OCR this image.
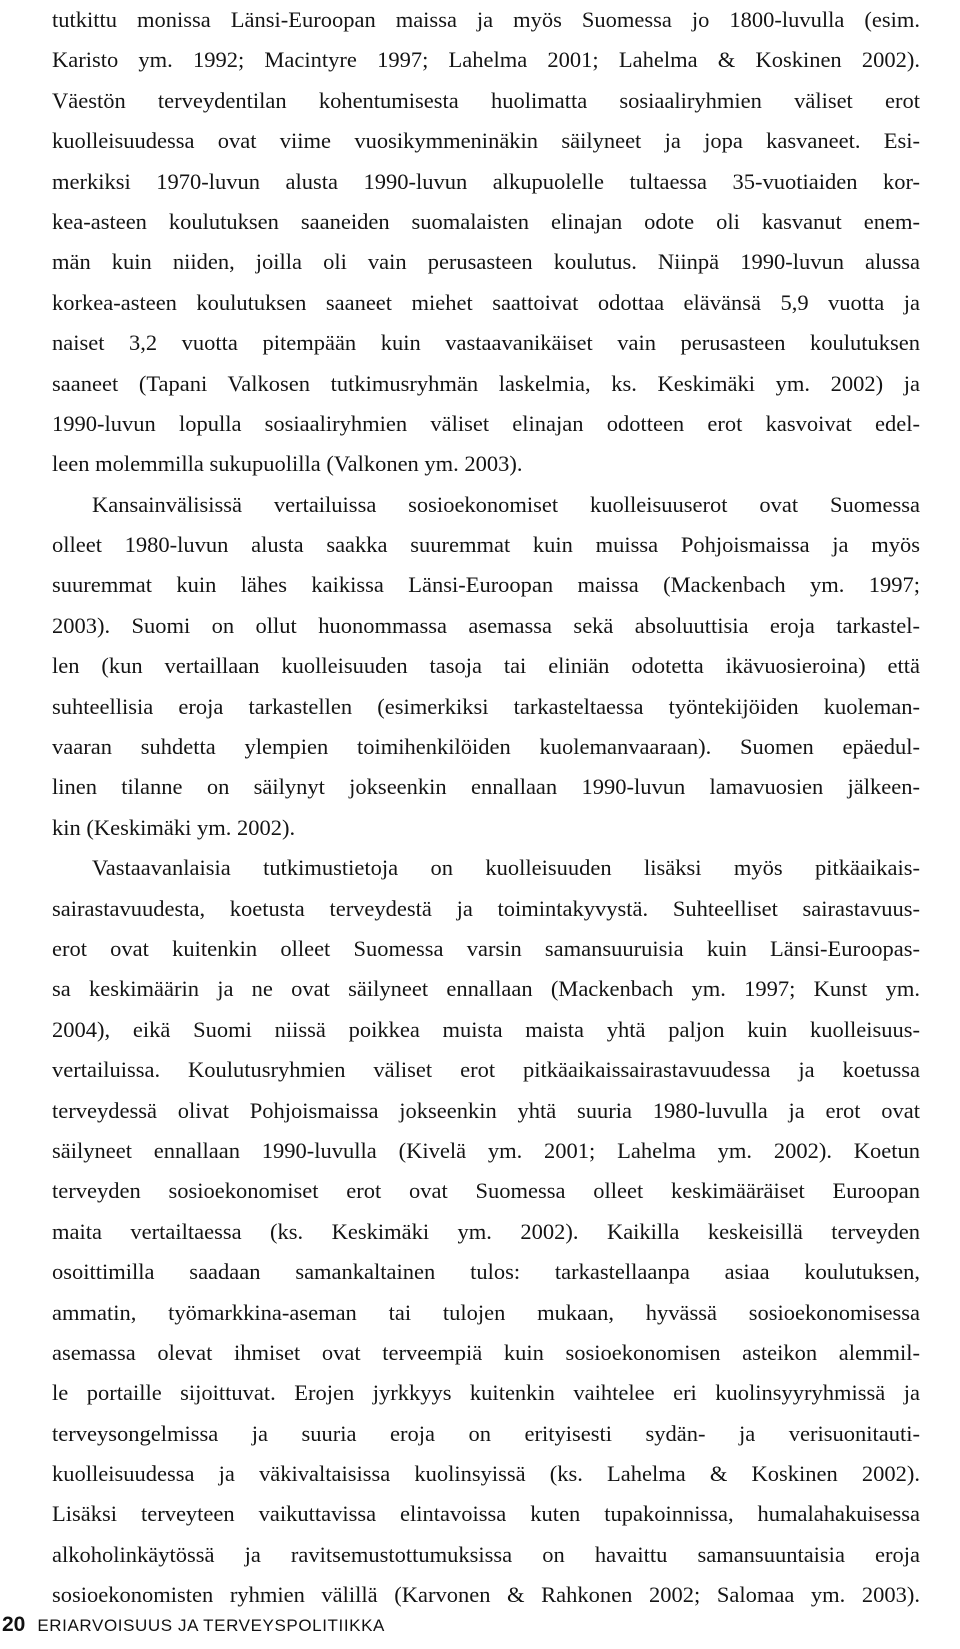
tutkittu monissa Länsi-Euroopan maissa ja myös Suomessa jo 1800-luvulla (esim.
Karisto ym. 1992; Macintyre 1997; Lahelma 2001; Lahelma & Koskinen 2002).
Väestön terveydentilan kohentumisesta huolimatta sosiaaliryhmien väliset erot
kuolleisuudessa ovat viime vuosikymmeninäkin säilyneet ja jopa kasvaneet. Esi-
merkiksi 1970-luvun alusta 1990-luvun alkupuolelle tultaessa 35-vuotiaiden kor-
kea-asteen koulutuksen saaneiden suomalaisten elinajan odote oli kasvanut enem-
män kuin niiden, joilla oli vain perusasteen koulutus. Niinpä 1990-luvun alussa
korkea-asteen koulutuksen saaneet miehet saattoivat odottaa elävänsä 5,9 vuotta ja
naiset 3,2 vuotta pitempään kuin vastaavanikäiset vain perusasteen koulutuksen
saaneet (Tapani Valkosen tutkimusryhmän laskelmia, ks. Keskimäki ym. 2002) ja
1990-luvun lopulla sosiaaliryhmien väliset elinajan odotteen erot kasvoivat edel-
leen molemmilla sukupuolilla (Valkonen ym. 2003).
Kansainvälisissä vertailuissa sosioekonomiset kuolleisuuserot ovat Suomessa
olleet 1980-luvun alusta saakka suuremmat kuin muissa Pohjoismaissa ja myös
suuremmat kuin lähes kaikissa Länsi-Euroopan maissa (Mackenbach ym. 1997;
2003). Suomi on ollut huonommassa asemassa sekä absoluuttisia eroja tarkastel-
len (kun vertaillaan kuolleisuuden tasoja tai eliniän odotetta ikävuosieroina) että
suhteellisia eroja tarkastellen (esimerkiksi tarkasteltaessa työntekijöiden kuoleman-
vaaran suhdetta ylempien toimihenkilöiden kuolemanvaaraan). Suomen epäedul-
linen tilanne on säilynyt jokseenkin ennallaan 1990-luvun lamavuosien jälkeen-
kin (Keskimäki ym. 2002).
Vastaavanlaisia tutkimustietoja on kuolleisuuden lisäksi myös pitkäaikais-
sairastavuudesta, koetusta terveydestä ja toimintakyvystä. Suhteelliset sairastavuus-
erot ovat kuitenkin olleet Suomessa varsin samansuuruisia kuin Länsi-Euroopas-
sa keskimäärin ja ne ovat säilyneet ennallaan (Mackenbach ym. 1997; Kunst ym.
2004), eikä Suomi niissä poikkea muista maista yhtä paljon kuin kuolleisuus-
vertailuissa. Koulutusryhmien väliset erot pitkäaikaissairastavuudessa ja koetussa
terveydessä olivat Pohjoismaissa jokseenkin yhtä suuria 1980-luvulla ja erot ovat
säilyneet ennallaan 1990-luvulla (Kivelä ym. 2001; Lahelma ym. 2002). Koetun
terveyden sosioekonomiset erot ovat Suomessa olleet keskimääräiset Euroopan
maita vertailtaessa (ks. Keskimäki ym. 2002). Kaikilla keskeisillä terveyden
osoittimilla saadaan samankaltainen tulos: tarkastellaanpa asiaa koulutuksen,
ammatin, työmarkkina-aseman tai tulojen mukaan, hyvässä sosioekonomisessa
asemassa olevat ihmiset ovat terveempiä kuin sosioekonomisen asteikon alemmil-
le portaille sijoittuvat. Erojen jyrkkyys kuitenkin vaihtelee eri kuolinsyyryhmissä ja
terveysongelmissa ja suuria eroja on erityisesti sydän- ja verisuonitauti-
kuolleisuudessa ja väkivaltaisissa kuolinsyissä (ks. Lahelma & Koskinen 2002).
Lisäksi terveyteen vaikuttavissa elintavoissa kuten tupakoinnissa, humalahakuisessa
alkoholinkäytössä ja ravitsemustottumuksissa on havaittu samansuuntaisia eroja
sosioekonomisten ryhmien välillä (Karvonen & Rahkonen 2002; Salomaa ym. 2003).
20 ERIARVOISUUS JA TERVEYSPOLITIIKKA
